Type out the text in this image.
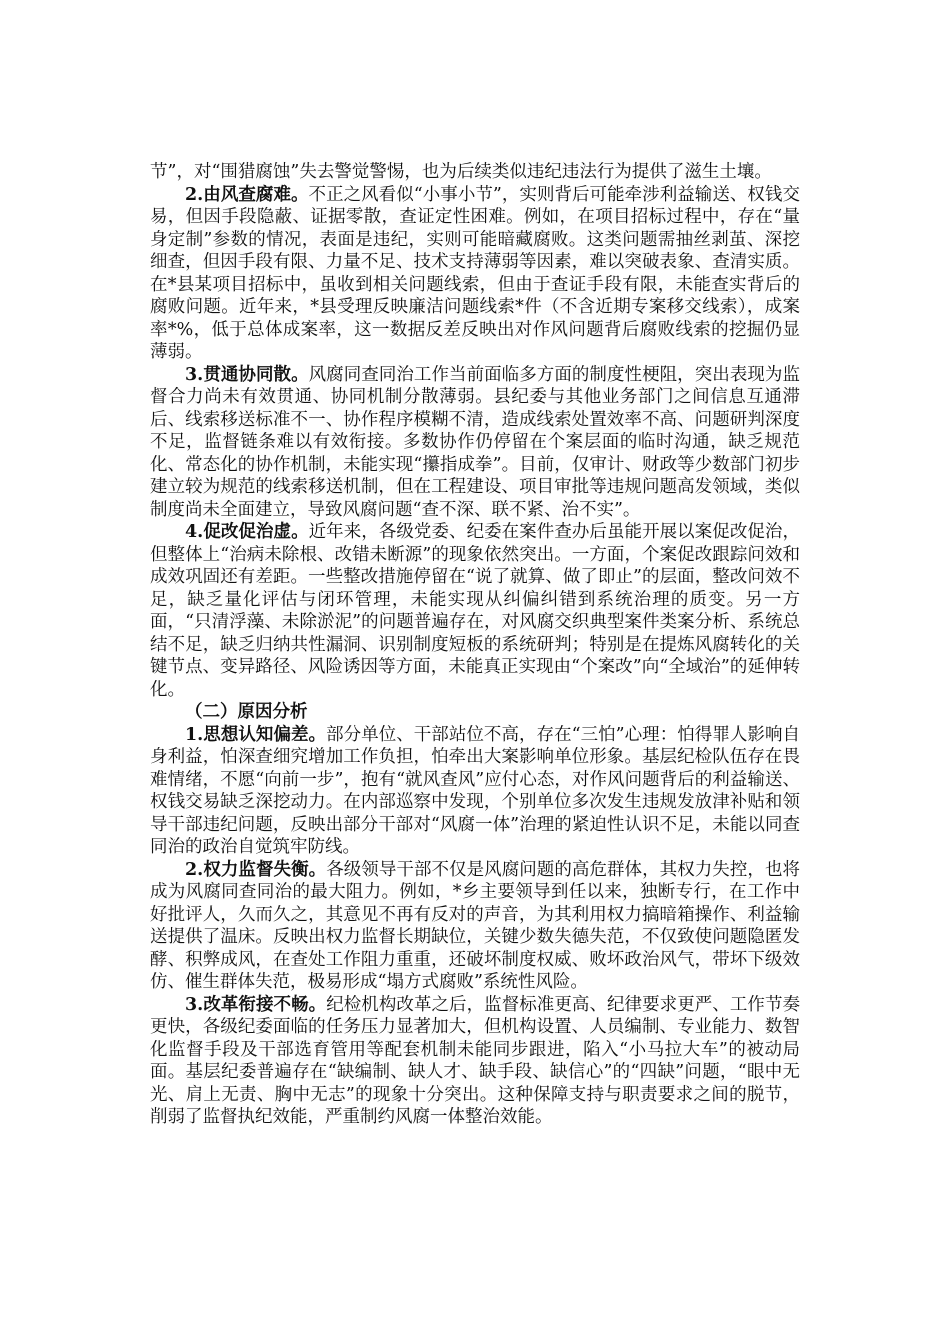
节”，对“围猎腐蚀”失去警觉警惕，也为后续类似违纪违法行为提供了滋生土壤。

2.由风查腐难。不正之风看似“小事小节”，实则背后可能牵涉利益输送、权钱交易，但因手段隐蔽、证据零散，查证定性困难。例如，在项目招标过程中，存在“量身定制”参数的情况，表面是违纪，实则可能暗藏腐败。这类问题需抽丝剥茧、深挖细查，但因手段有限、力量不足、技术支持薄弱等因素，难以突破表象、查清实质。在*县某项目招标中，虽收到相关问题线索，但由于查证手段有限，未能查实背后的腐败问题。近年来，*县受理反映廉洁问题线索*件（不含近期专案移交线索），成案率*%，低于总体成案率，这一数据反差反映出对作风问题背后腐败线索的挖掘仍显薄弱。

3.贯通协同散。风腐同查同治工作当前面临多方面的制度性梗阻，突出表现为监督合力尚未有效贯通、协同机制分散薄弱。县纪委与其他业务部门之间信息互通滞后、线索移送标准不一、协作程序模糊不清，造成线索处置效率不高、问题研判深度不足，监督链条难以有效衔接。多数协作仍停留在个案层面的临时沟通，缺乏规范化、常态化的协作机制，未能实现“攥指成拳”。目前，仅审计、财政等少数部门初步建立较为规范的线索移送机制，但在工程建设、项目审批等违规问题高发领域，类似制度尚未全面建立，导致风腐问题“查不深、联不紧、治不实”。

4.促改促治虚。近年来，各级党委、纪委在案件查办后虽能开展以案促改促治，但整体上“治病未除根、改错未断源”的现象依然突出。一方面，个案促改跟踪问效和成效巩固还有差距。一些整改措施停留在“说了就算、做了即止”的层面，整改问效不足，缺乏量化评估与闭环管理，未能实现从纠偏纠错到系统治理的质变。另一方面，“只清浮藻、未除淤泥”的问题普遍存在，对风腐交织典型案件类案分析、系统总结不足，缺乏归纳共性漏洞、识别制度短板的系统研判；特别是在提炼风腐转化的关键节点、变异路径、风险诱因等方面，未能真正实现由“个案改”向“全域治”的延伸转化。

（二）原因分析

1.思想认知偏差。部分单位、干部站位不高，存在“三怕”心理：怕得罪人影响自身利益，怕深查细究增加工作负担，怕牵出大案影响单位形象。基层纪检队伍存在畏难情绪，不愿“向前一步”，抱有“就风查风”应付心态，对作风问题背后的利益输送、权钱交易缺乏深挖动力。在内部巡察中发现，个别单位多次发生违规发放津补贴和领导干部违纪问题，反映出部分干部对“风腐一体”治理的紧迫性认识不足，未能以同查同治的政治自觉筑牢防线。

2.权力监督失衡。各级领导干部不仅是风腐问题的高危群体，其权力失控，也将成为风腐同查同治的最大阻力。例如，*乡主要领导到任以来，独断专行，在工作中好批评人，久而久之，其意见不再有反对的声音，为其利用权力搞暗箱操作、利益输送提供了温床。反映出权力监督长期缺位，关键少数失德失范，不仅致使问题隐匿发酵、积弊成风，在查处工作阻力重重，还破坏制度权威、败坏政治风气，带坏下级效仿、催生群体失范，极易形成“塌方式腐败”系统性风险。

3.改革衔接不畅。纪检机构改革之后，监督标准更高、纪律要求更严、工作节奏更快，各级纪委面临的任务压力显著加大，但机构设置、人员编制、专业能力、数智化监督手段及干部选育管用等配套机制未能同步跟进，陷入“小马拉大车”的被动局面。基层纪委普遍存在“缺编制、缺人才、缺手段、缺信心”的“四缺”问题，“眼中无光、肩上无责、胸中无志”的现象十分突出。这种保障支持与职责要求之间的脱节，削弱了监督执纪效能，严重制约风腐一体整治效能。
